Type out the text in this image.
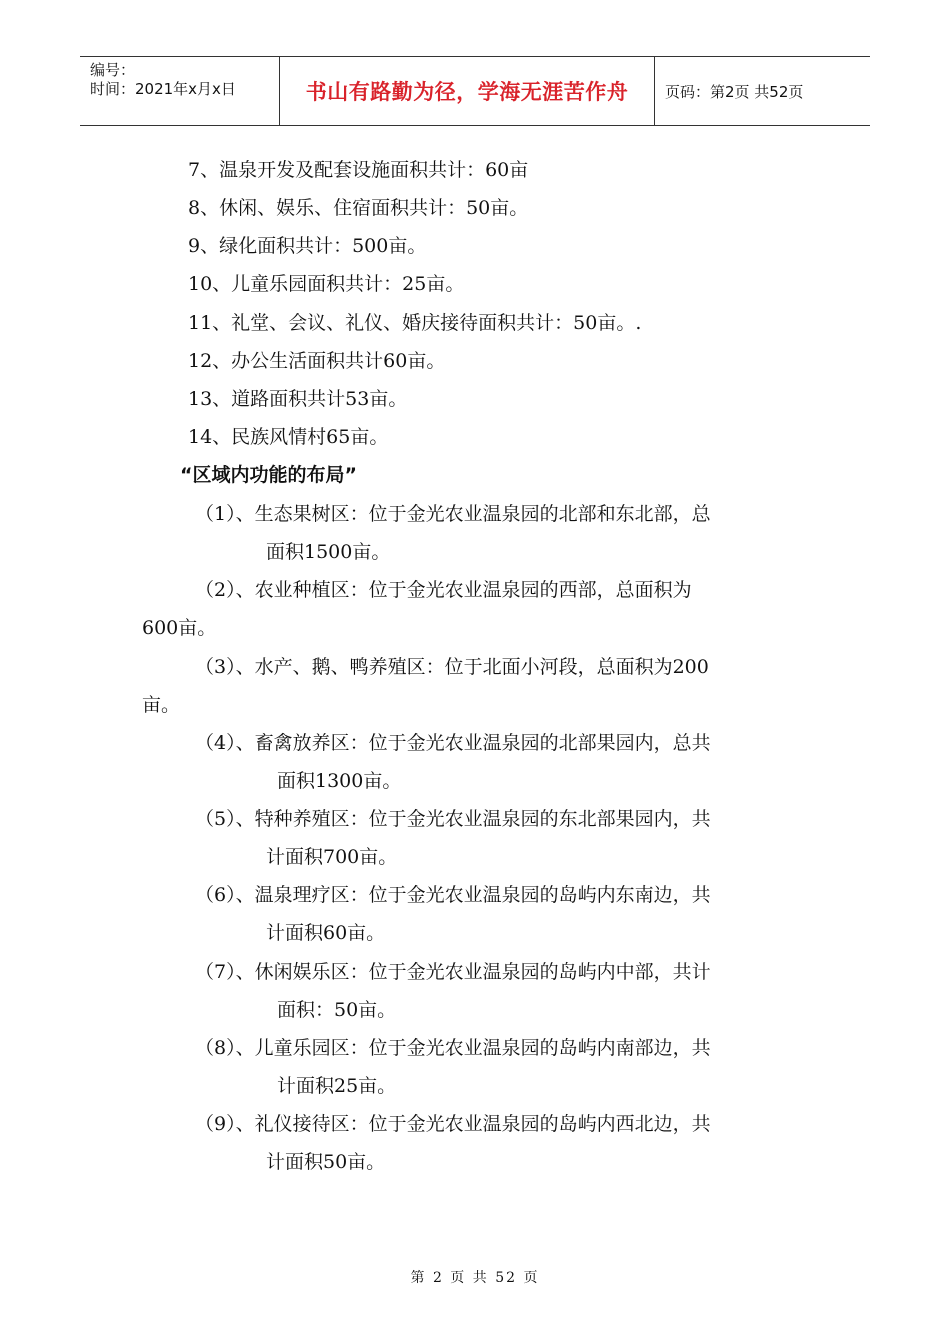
编号：
时间：2021年x月x日	书山有路勤为径，学海无涯苦作舟	页码：第2页 共52页
7、温泉开发及配套设施面积共计：60亩
8、休闲、娱乐、住宿面积共计：50亩。
9、绿化面积共计：500亩。
10、儿童乐园面积共计：25亩。
11、礼堂、会议、礼仪、婚庆接待面积共计：50亩。.
12、办公生活面积共计60亩。
13、道路面积共计53亩。
14、民族风情村65亩。
“区域内功能的布局”
（1）、生态果树区：位于金光农业温泉园的北部和东北部，总
面积1500亩。
（2）、农业种植区：位于金光农业温泉园的西部，总面积为
600亩。
（3）、水产、鹅、鸭养殖区：位于北面小河段，总面积为200
亩。
（4）、畜禽放养区：位于金光农业温泉园的北部果园内，总共
面积1300亩。
（5）、特种养殖区：位于金光农业温泉园的东北部果园内，共
计面积700亩。
（6）、温泉理疗区：位于金光农业温泉园的岛屿内东南边，共
计面积60亩。
（7）、休闲娱乐区：位于金光农业温泉园的岛屿内中部，共计
面积：50亩。
（8）、儿童乐园区：位于金光农业温泉园的岛屿内南部边，共
计面积25亩。
（9）、礼仪接待区：位于金光农业温泉园的岛屿内西北边，共
计面积50亩。
第 2 页 共 52 页
